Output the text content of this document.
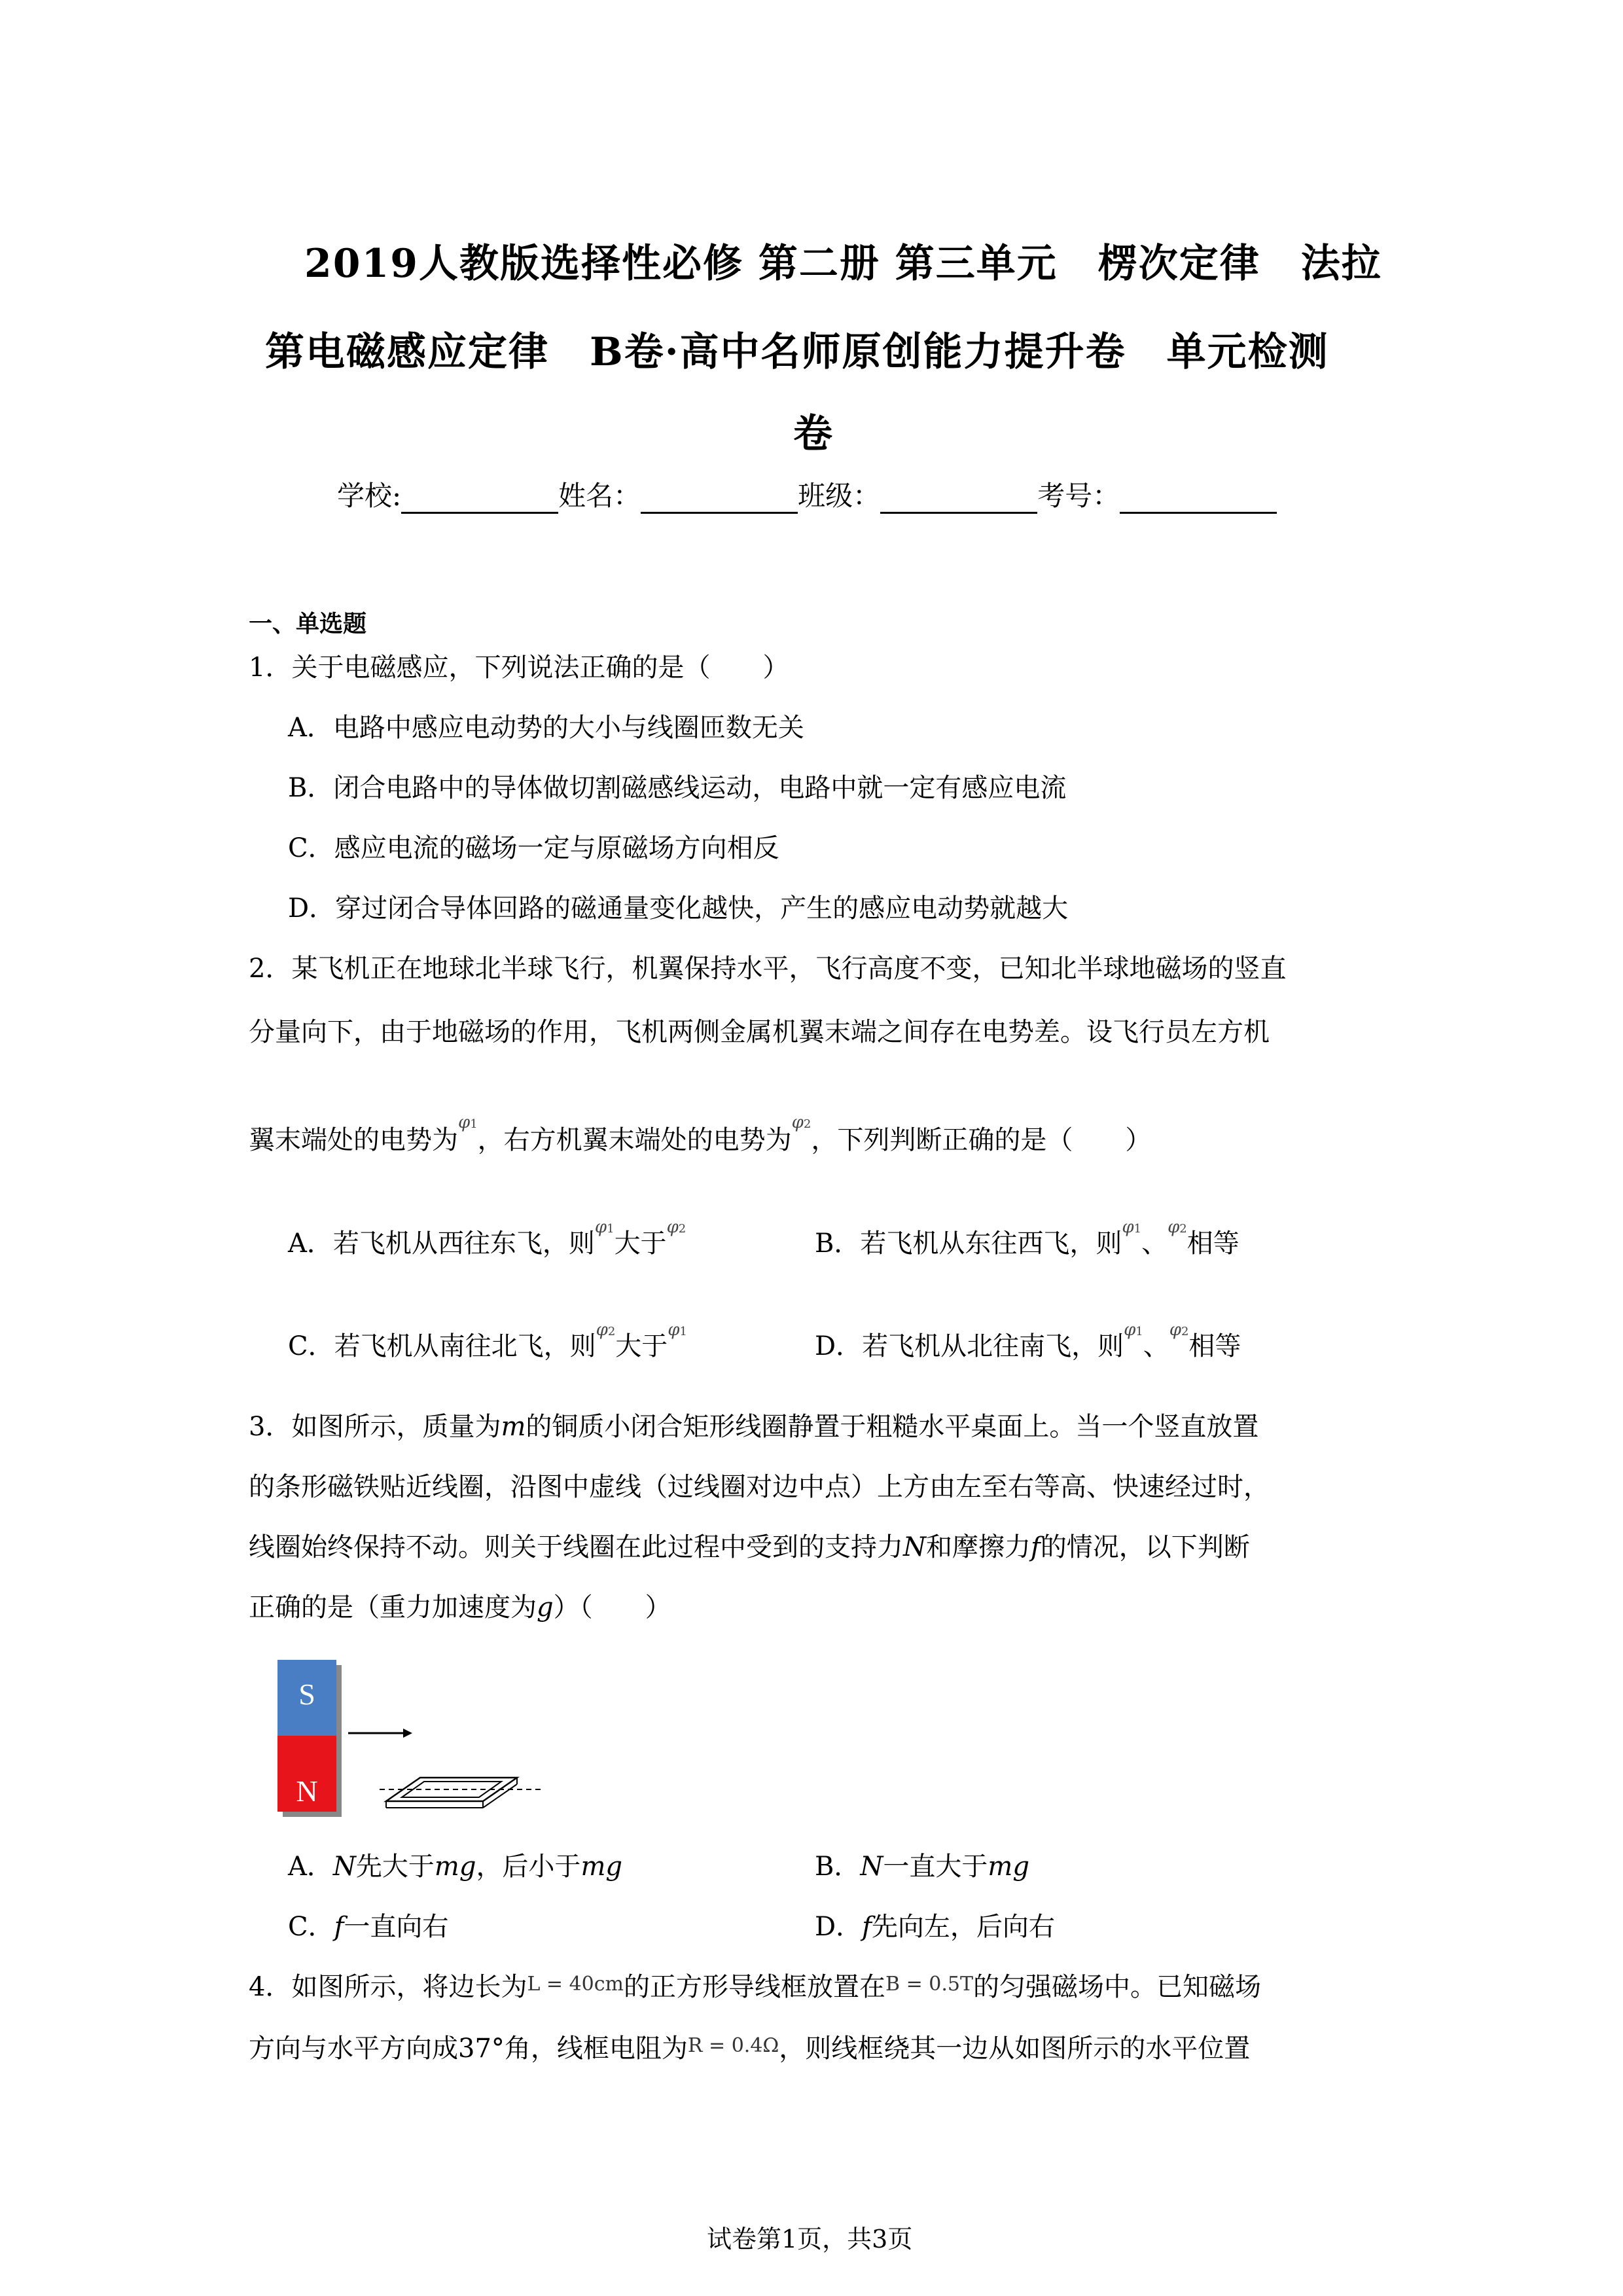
2019人教版选择性必修 第二册 第三单元　楞次定律　法拉
第电磁感应定律　B卷·高中名师原创能力提升卷　单元检测
卷
学校:	姓名：	班级：	考号：
一、单选题
1．关于电磁感应，下列说法正确的是（　　）
A．电路中感应电动势的大小与线圈匝数无关
B．闭合电路中的导体做切割磁感线运动，电路中就一定有感应电流
C．感应电流的磁场一定与原磁场方向相反
D．穿过闭合导体回路的磁通量变化越快，产生的感应电动势就越大
2．某飞机正在地球北半球飞行，机翼保持水平，飞行高度不变，已知北半球地磁场的竖直
分量向下，由于地磁场的作用，飞机两侧金属机翼末端之间存在电势差。设飞行员左方机
翼末端处的电势为$^{\varphi 1}$，右方机翼末端处的电势为$^{\varphi 2}$，下列判断正确的是（　　）
A．若飞机从西往东飞，则$^{\varphi 1}$大于$^{\varphi 2}$	B．若飞机从东往西飞，则$^{\varphi 1}$、$^{\varphi 2}$相等
C．若飞机从南往北飞，则$^{\varphi 2}$大于$^{\varphi 1}$	D．若飞机从北往南飞，则$^{\varphi 1}$、$^{\varphi 2}$相等
3．如图所示，质量为m的铜质小闭合矩形线圈静置于粗糙水平桌面上。当一个竖直放置
的条形磁铁贴近线圈，沿图中虚线（过线圈对边中点）上方由左至右等高、快速经过时，
线圈始终保持不动。则关于线圈在此过程中受到的支持力N和摩擦力f的情况，以下判断
正确的是（重力加速度为g）（　　）
S
N
A．N先大于mg，后小于mg	B．N一直大于mg
C．f一直向右	D．f先向左，后向右
4．如图所示，将边长为$^{L = 40cm}$的正方形导线框放置在$^{B = 0.5T}$的匀强磁场中。已知磁场
方向与水平方向成37°角，线框电阻为$^{R = 0.4\Omega}$，则线框绕其一边从如图所示的水平位置
试卷第1页，共3页
